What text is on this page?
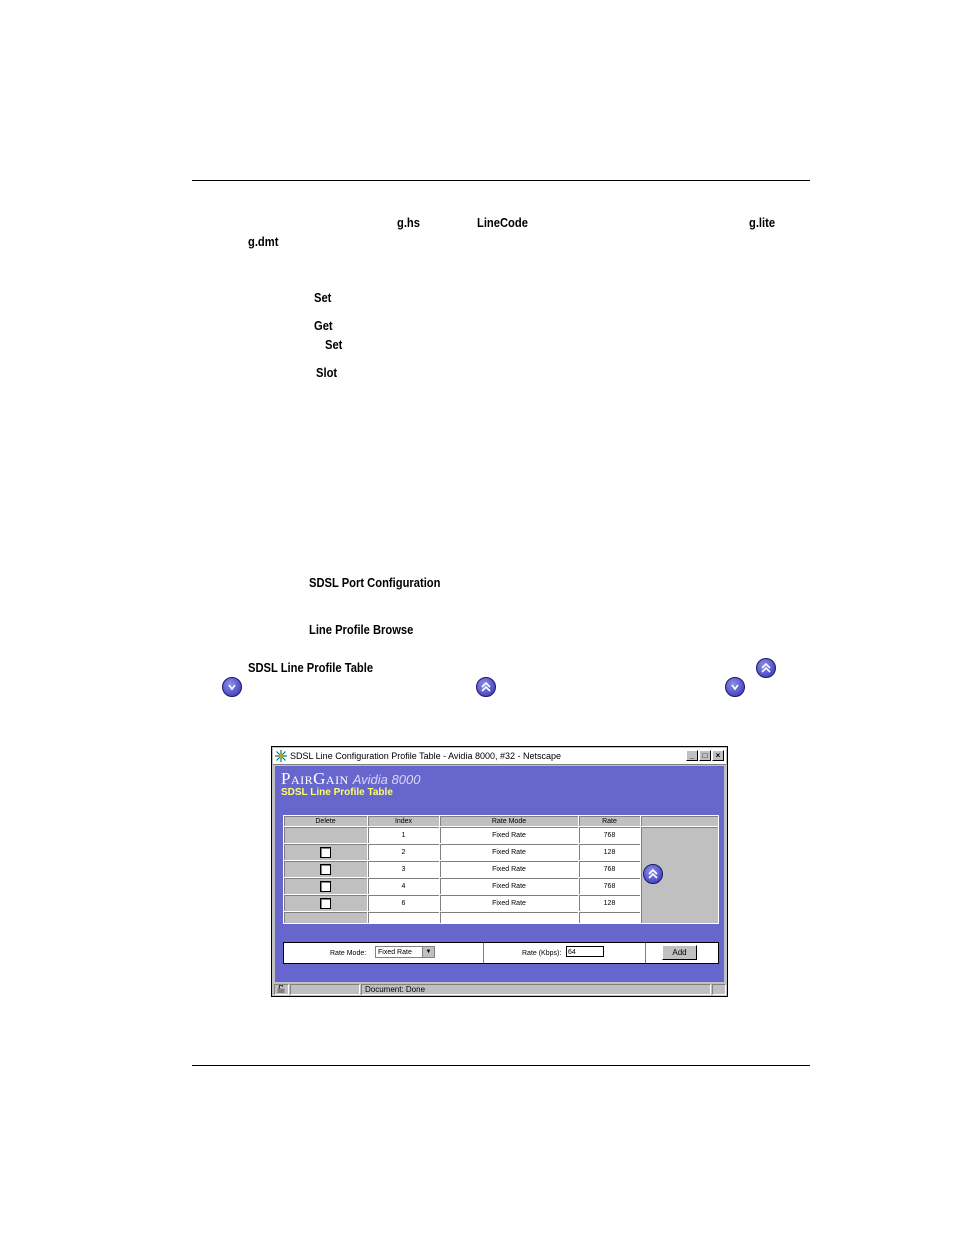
g.hs	LineCode	g.lite
g.dmt
Set
Get
Set
Slot
SDSL Port Configuration
Line Profile Browse
SDSL Line Profile Table
SDSL Line Configuration Profile Table - Avidia 8000, #32 - Netscape	_	□	×
PairGain Avidia 8000
SDSL Line Profile Table
Delete	Index	Rate Mode	Rate	
	1	Fixed Rate	768	

	2	Fixed Rate	128	
	3	Fixed Rate	768	
	4	Fixed Rate	768	
	6	Fixed Rate	128	

Rate Mode:	Fixed Rate	▼	Rate (Kbps): 64	Add
Document: Done
